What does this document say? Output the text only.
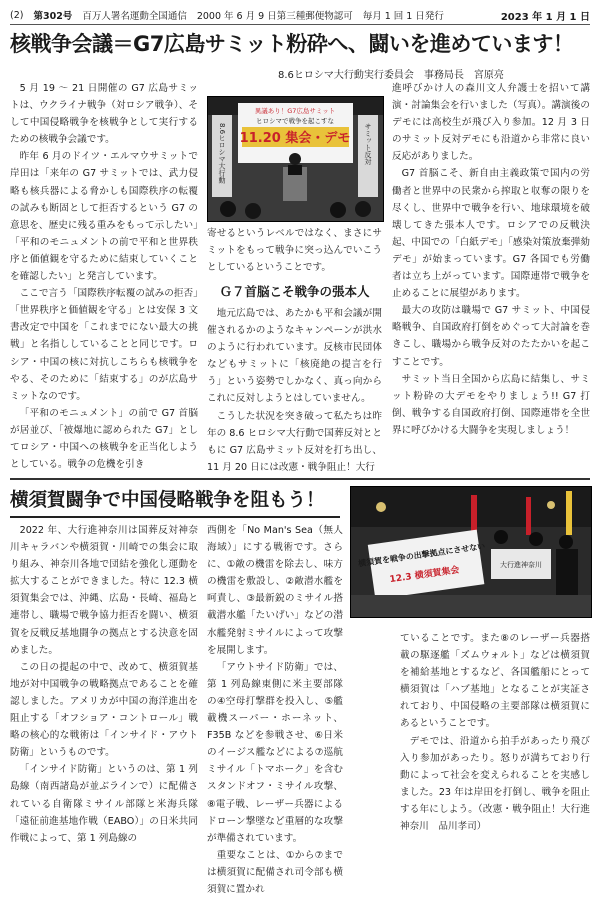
(2) 第302号 百万人署名運動全国通信 2000 年 6 月 9 日第三種郵便物認可 毎月 1 回 1 日発行	2023 年 1 月 1 日
核戦争会議＝G7広島サミット粉砕へ、闘いを進めています！
8.6ヒロシマ大行動実行委員会　事務局長　宮原亮

5 月 19 ～ 21 日開催の G7 広島サミットは、ウクライナ戦争（対ロシア戦争）、そして中国侵略戦争を核戦争として実行するための核戦争会議です。

昨年 6 月のドイツ・エルマウサミットで岸田は「来年の G7 サミットでは、武力侵略も核兵器による脅かしも国際秩序の転覆の試みも断固として拒否するという G7 の意思を、歴史に残る重みをもって示したい」「平和のモニュメントの前で平和と世界秩序と価値観を守るために結束していくことを確認したい」と発言しています。

ここで言う「国際秩序転覆の試みの拒否」「世界秩序と価値観を守る」とは安保 3 文書改定で中国を「これまでにない最大の挑戦」と名指ししていることと同じです。ロシア・中国の核に対抗しこちらも核戦争をやる、そのために「結束する」のが広島サミットなのです。

「平和のモニュメント」の前で G7 首脳が居並び、「被爆地に認められた G7」としてロシア・中国への核戦争を正当化しようとしている。戦争の危機を引き

8.6ヒロシマ大行動	サミット反対
異議あり！G7広島サミット
ヒロシマで戦争を起こすな
11.20 集会・デモ

寄せるというレベルではなく、まさにサミットをもって戦争に突っ込んでいこうとしているということです。

Ｇ７首脳こそ戦争の張本人

地元広島では、あたかも平和会議が開催されるかのようなキャンペーンが洪水のように行われています。反核市民団体などもサミットに「核廃絶の提言を行う」という姿勢でしかなく、真っ向からこれに反対しようとはしていません。

こうした状況を突き破って私たちは昨年の 8.6 ヒロシマ大行動で国葬反対とともに G7 広島サミット反対を打ち出し、11 月 20 日には改憲・戦争阻止！大行

進呼びかけ人の森川文人弁護士を招いて講演・討論集会を行いました（写真）。講演後のデモには高校生が飛び入り参加。12 月 3 日のサミット反対デモにも沿道から非常に良い反応がありました。

G7 首脳こそ、新自由主義政策で国内の労働者と世界中の民衆から搾取と収奪の限りを尽くし、世界中で戦争を行い、地球環境を破壊してきた張本人です。ロシアでの反戦決起、中国での「白紙デモ」「感染対策放棄弾劾デモ」が始まっています。G7 各国でも労働者は立ち上がっています。国際連帯で戦争を止めることに展望があります。

最大の攻防は職場で G7 サミット、中国侵略戦争、自国政府打倒をめぐって大討論を巻きこし、職場から戦争反対のたたかいを起こすことです。

サミット当日全国から広島に結集し、サミット粉砕の大デモをやりましょう!! G7 打倒、戦争する自国政府打倒、国際連帯を全世界に呼びかける大闘争を実現しましょう！

横須賀闘争で中国侵略戦争を阻もう！
横須賀を戦争の出撃拠点にさせない
12.3 横須賀集会
大行進神奈川

2022 年、大行進神奈川は国葬反対神奈川キャラバンや横須賀・川崎での集会に取り組み、神奈川各地で団結を強化し運動を拡大することができました。特に 12.3 横須賀集会では、沖縄、広島・長崎、福島と連帯し、職場で戦争協力拒否を闘い、横須賀を反戦反基地闘争の拠点とする決意を固めました。

この日の提起の中で、改めて、横須賀基地が対中国戦争の戦略拠点であることを確認しました。アメリカが中国の海洋進出を阻止する「オフショア・コントロール」戦略の核心的な戦術は「インサイド・アウト防衛」というものです。

「インサイド防衛」というのは、第 1 列島線（南西諸島が並ぶラインで）に配備されている自衛隊ミサイル部隊と米海兵隊「遠征前進基地作戦（EABO）」の日米共同作戦によって、第 1 列島線の

西側を「No Man's Sea（無人海域）」にする戦術です。さらに、①敵の機雷を除去し、味方の機雷を敷設し、②敵潜水艦を呵責し、③最新鋭のミサイル搭載潜水艦「たいげい」などの潜水艦発射ミサイルによって攻撃を展開します。

「アウトサイド防衛」では、第 1 列島線東側に米主要部隊の④空母打撃群を投入し、⑤艦載機スーパー・ホーネット、F35B などを参戦させ、⑥日米のイージス艦などによる⑦巡航ミサイル「トマホーク」を含むスタンドオフ・ミサイル攻撃、⑧電子戦、レーザー兵器によるドローン撃墜など重層的な攻撃が準備されています。

重要なことは、①から⑦までは横須賀に配備され司令部も横須賀に置かれ

ていることです。また⑧のレーザー兵器搭載の駆逐艦「ズムウォルト」などは横須賀を補給基地とするなど、各国艦船にとって横須賀は「ハブ基地」となることが実証されており、中国侵略の主要部隊は横須賀にあるということです。

デモでは、沿道から拍手があったり飛び入り参加があったり。怒りが満ちており行動によって社会を変えられることを実感しました。23 年は岸田を打倒し、戦争を阻止する年にしよう。（改憲・戦争阻止！大行進神奈川　品川孝司）
